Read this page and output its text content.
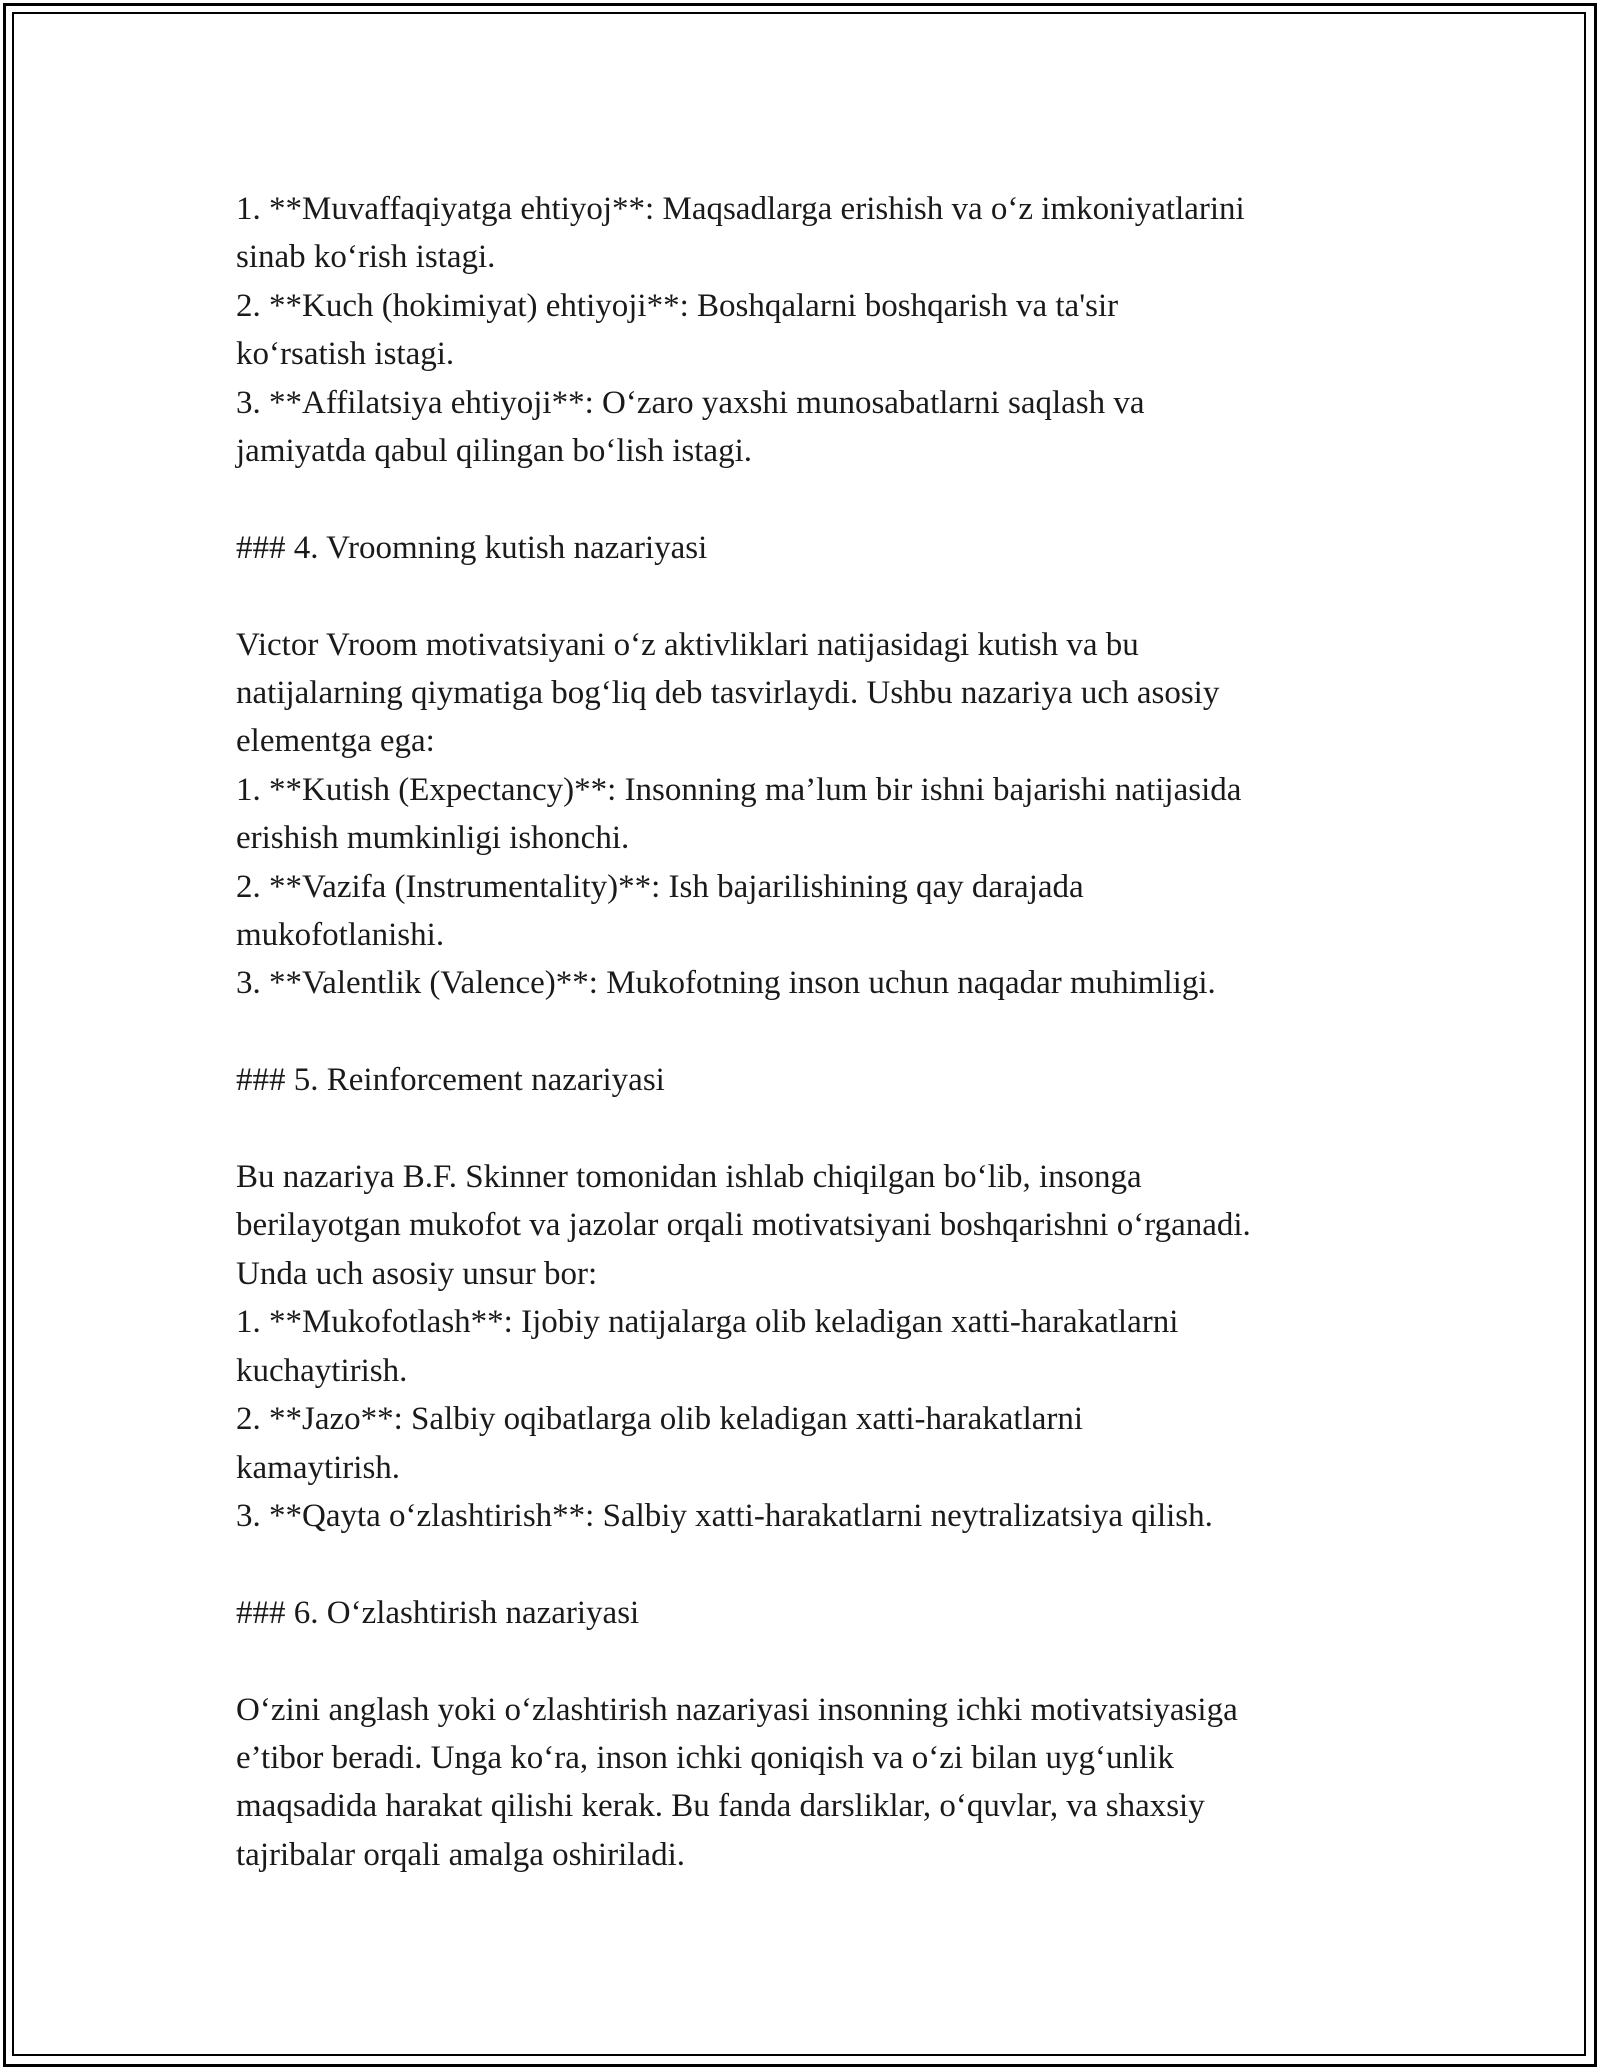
1. **Muvaffaqiyatga ehtiyoj**: Maqsadlarga erishish va o‘z imkoniyatlarini

sinab ko‘rish istagi.

2. **Kuch (hokimiyat) ehtiyoji**: Boshqalarni boshqarish va ta'sir

ko‘rsatish istagi.

3. **Affilatsiya ehtiyoji**: O‘zaro yaxshi munosabatlarni saqlash va

jamiyatda qabul qilingan bo‘lish istagi.

### 4. Vroomning kutish nazariyasi

Victor Vroom motivatsiyani o‘z aktivliklari natijasidagi kutish va bu

natijalarning qiymatiga bog‘liq deb tasvirlaydi. Ushbu nazariya uch asosiy

elementga ega:

1. **Kutish (Expectancy)**: Insonning ma’lum bir ishni bajarishi natijasida

erishish mumkinligi ishonchi.

2. **Vazifa (Instrumentality)**: Ish bajarilishining qay darajada

mukofotlanishi.

3. **Valentlik (Valence)**: Mukofotning inson uchun naqadar muhimligi.

### 5. Reinforcement nazariyasi

Bu nazariya B.F. Skinner tomonidan ishlab chiqilgan bo‘lib, insonga

berilayotgan mukofot va jazolar orqali motivatsiyani boshqarishni o‘rganadi.

Unda uch asosiy unsur bor:

1. **Mukofotlash**: Ijobiy natijalarga olib keladigan xatti-harakatlarni

kuchaytirish.

2. **Jazo**: Salbiy oqibatlarga olib keladigan xatti-harakatlarni

kamaytirish.

3. **Qayta o‘zlashtirish**: Salbiy xatti-harakatlarni neytralizatsiya qilish.

### 6. O‘zlashtirish nazariyasi

O‘zini anglash yoki o‘zlashtirish nazariyasi insonning ichki motivatsiyasiga

e’tibor beradi. Unga ko‘ra, inson ichki qoniqish va o‘zi bilan uyg‘unlik

maqsadida harakat qilishi kerak. Bu fanda darsliklar, o‘quvlar, va shaxsiy

tajribalar orqali amalga oshiriladi.
